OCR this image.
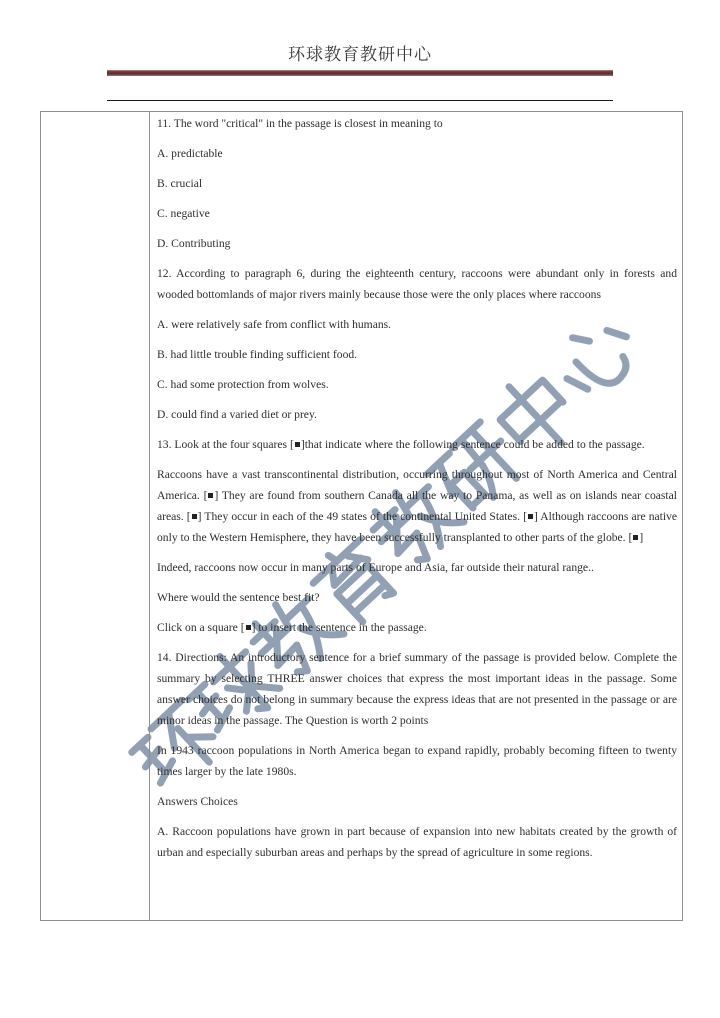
环球教育教研中心

11. The word "critical" in the passage is closest in meaning to

A. predictable

B. crucial

C. negative

D. Contributing

12. According to paragraph 6, during the eighteenth century, raccoons were abundant only in forests and wooded bottomlands of major rivers mainly because those were the only places where raccoons

A. were relatively safe from conflict with humans.

B. had little trouble finding sufficient food.

C. had some protection from wolves.

D. could find a varied diet or prey.

13. Look at the four squares [ ]that indicate where the following sentence could be added to the passage.

Raccoons have a vast transcontinental distribution, occurring throughout most of North America and Central America. [ ] They are found from southern Canada all the way to Panama, as well as on islands near coastal areas. [ ] They occur in each of the 49 states of the continental United States. [ ] Although raccoons are native only to the Western Hemisphere, they have been successfully transplanted to other parts of the globe. [ ]

Indeed, raccoons now occur in many parts of Europe and Asia, far outside their natural range..

Where would the sentence best fit?

Click on a square [ ] to insert the sentence in the passage.

14. Directions: An introductory sentence for a brief summary of the passage is provided below. Complete the summary by selecting THREE answer choices that express the most important ideas in the passage. Some answer choices do not belong in summary because the express ideas that are not presented in the passage or are minor ideas in the passage. The Question is worth 2 points

In 1943 raccoon populations in North America began to expand rapidly, probably becoming fifteen to twenty times larger by the late 1980s.

Answers Choices

A. Raccoon populations have grown in part because of expansion into new habitats created by the growth of urban and especially suburban areas and perhaps by the spread of agriculture in some regions.
